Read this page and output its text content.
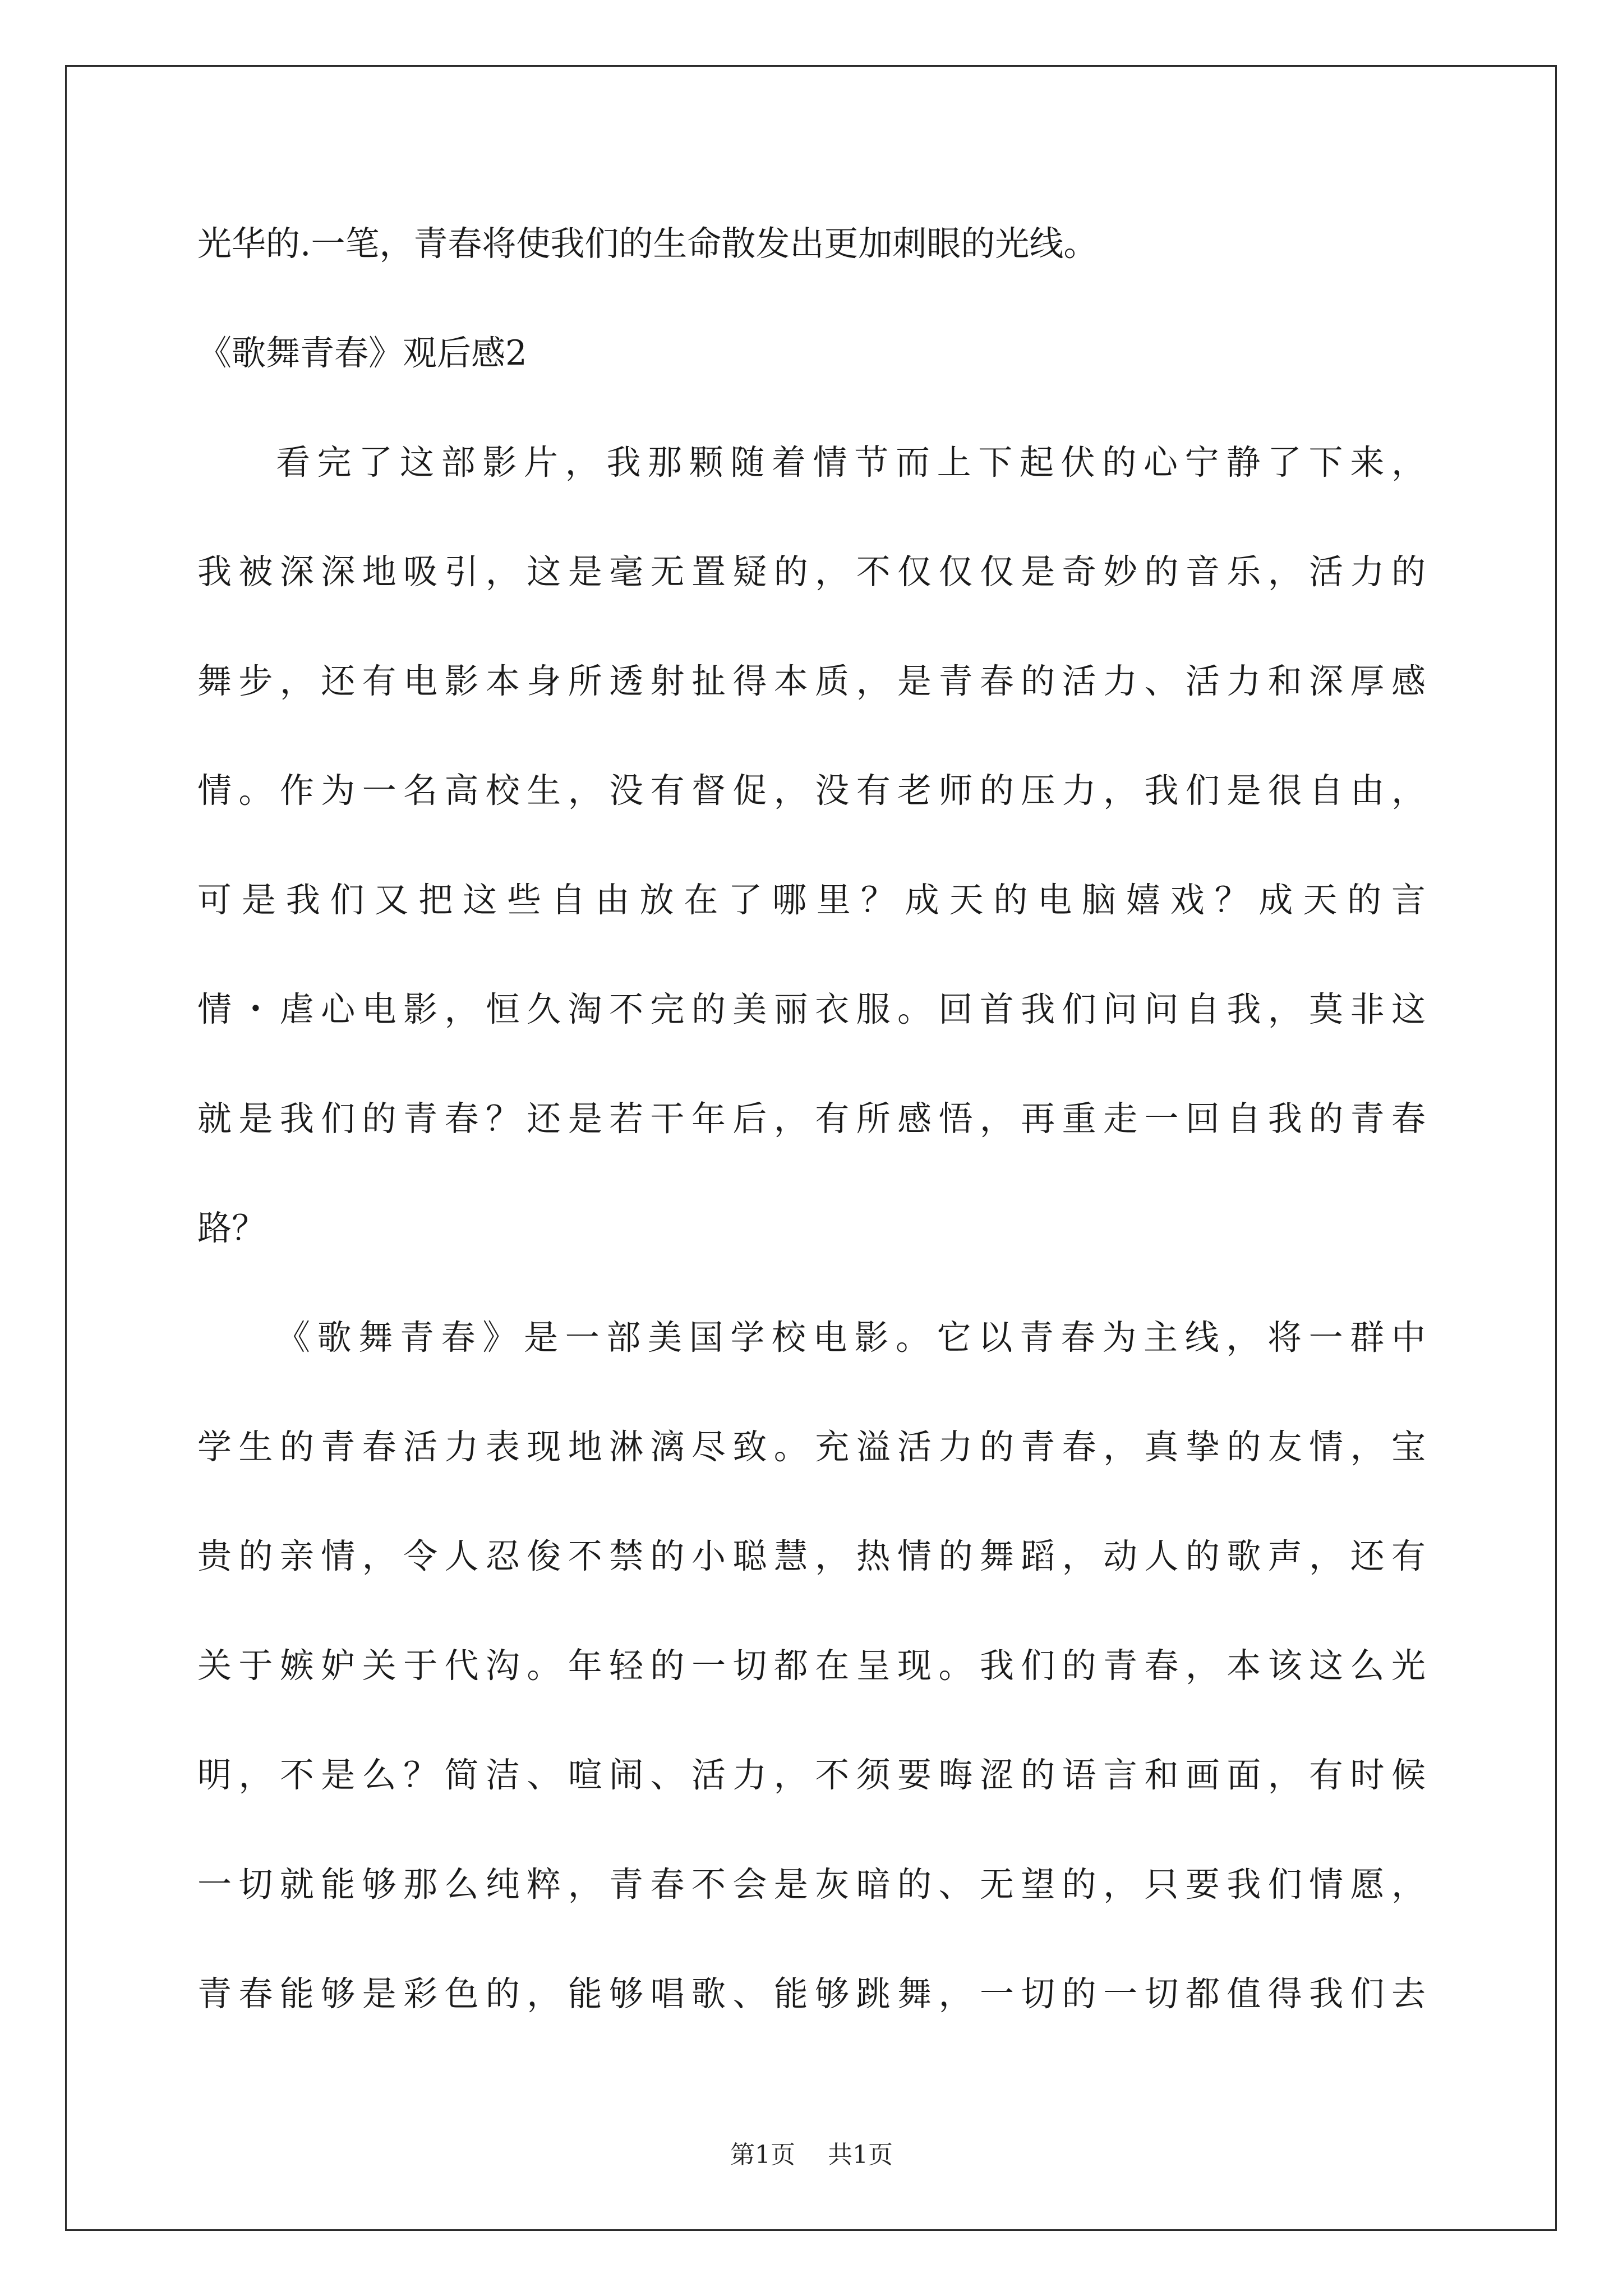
光华的.一笔，青春将使我们的生命散发出更加刺眼的光线。
《歌舞青春》观后感2
看完了这部影片，我那颗随着情节而上下起伏的心宁静了下来，
我被深深地吸引，这是毫无置疑的，不仅仅仅是奇妙的音乐，活力的
舞步，还有电影本身所透射扯得本质，是青春的活力、活力和深厚感
情。作为一名高校生，没有督促，没有老师的压力，我们是很自由，
可是我们又把这些自由放在了哪里？成天的电脑嬉戏？成天的言
情・虐心电影，恒久淘不完的美丽衣服。回首我们问问自我，莫非这
就是我们的青春？还是若干年后，有所感悟，再重走一回自我的青春
路？
《歌舞青春》是一部美国学校电影。它以青春为主线，将一群中
学生的青春活力表现地淋漓尽致。充溢活力的青春，真挚的友情，宝
贵的亲情，令人忍俊不禁的小聪慧，热情的舞蹈，动人的歌声，还有
关于嫉妒关于代沟。年轻的一切都在呈现。我们的青春，本该这么光
明，不是么？简洁、喧闹、活力，不须要晦涩的语言和画面，有时候
一切就能够那么纯粹，青春不会是灰暗的、无望的，只要我们情愿，
青春能够是彩色的，能够唱歌、能够跳舞，一切的一切都值得我们去
第1页 共1页
